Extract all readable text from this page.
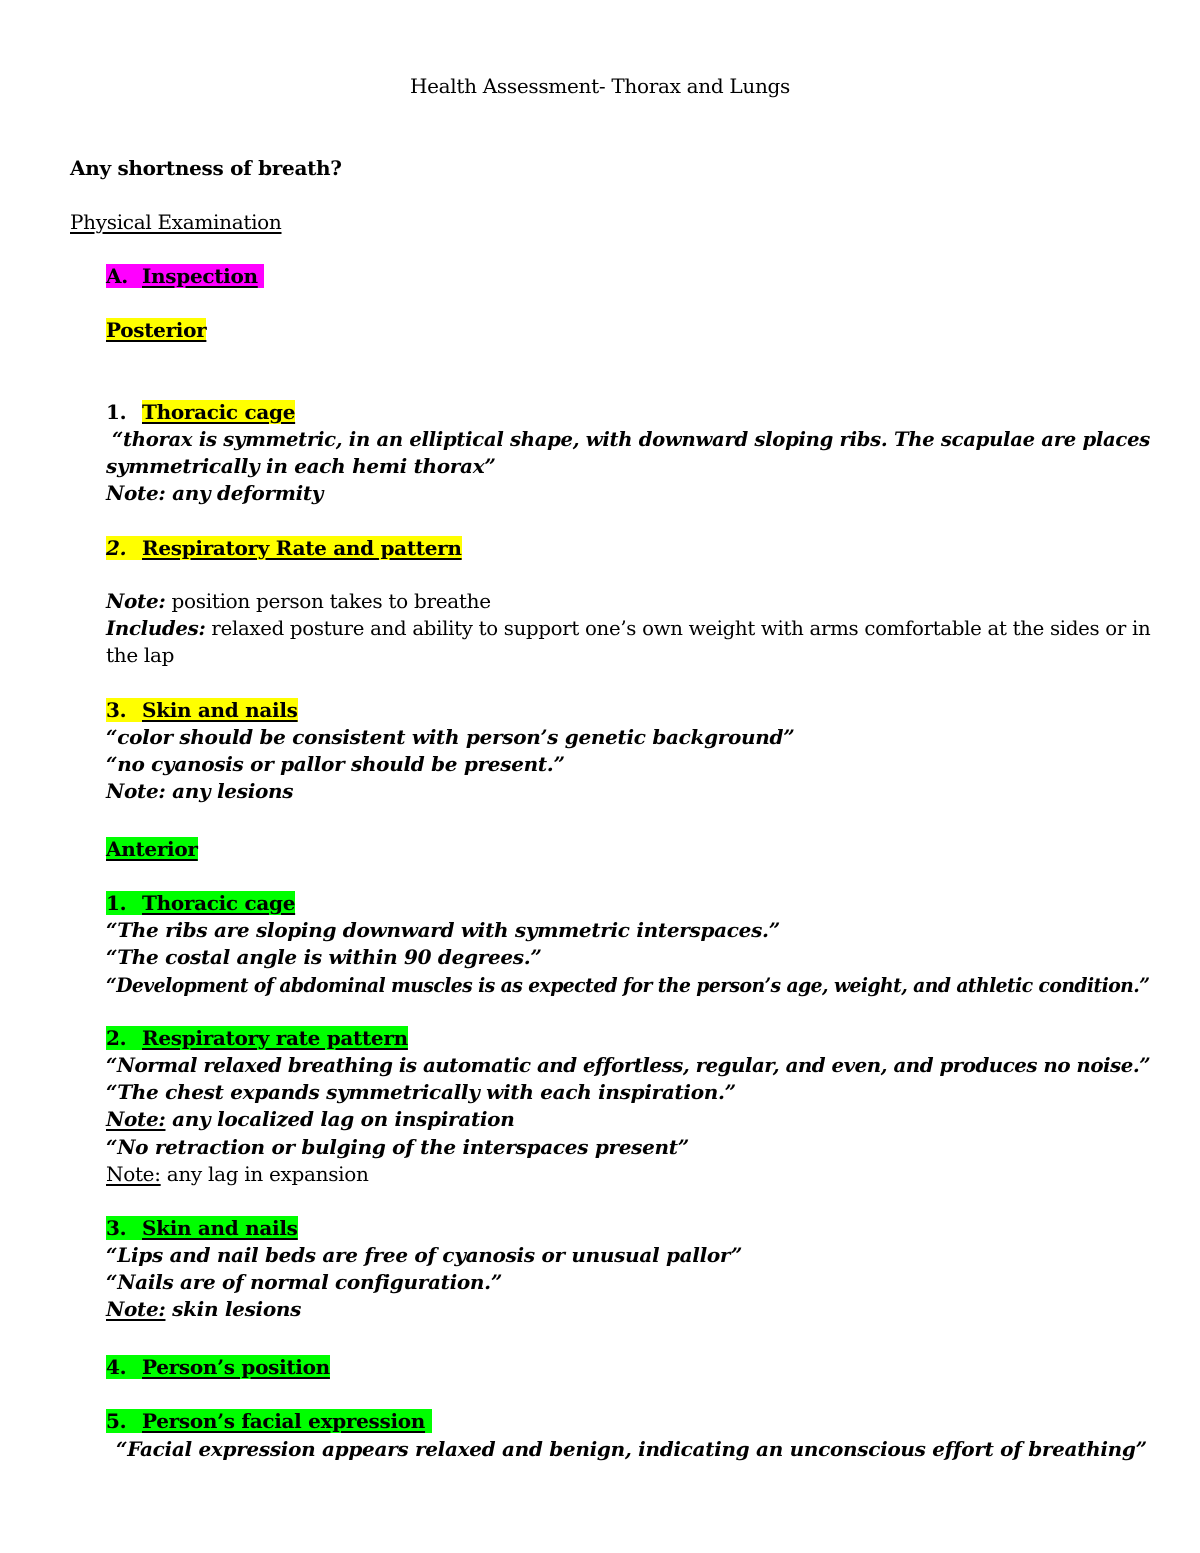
Health Assessment- Thorax and Lungs
Any shortness of breath?
Physical Examination
A. Inspection
Posterior
1. Thoracic cage
“thorax is symmetric, in an elliptical shape, with downward sloping ribs. The scapulae are places
symmetrically in each hemi thorax”
Note: any deformity
2. Respiratory Rate and pattern
Note: position person takes to breathe
Includes: relaxed posture and ability to support one’s own weight with arms comfortable at the sides or in
the lap
3. Skin and nails
“color should be consistent with person’s genetic background”
“no cyanosis or pallor should be present.”
Note: any lesions
Anterior
1. Thoracic cage
“The ribs are sloping downward with symmetric interspaces.”
“The costal angle is within 90 degrees.”
“Development of abdominal muscles is as expected for the person’s age, weight, and athletic condition.”
2. Respiratory rate pattern
“Normal relaxed breathing is automatic and effortless, regular, and even, and produces no noise.”
“The chest expands symmetrically with each inspiration.”
Note: any localized lag on inspiration
“No retraction or bulging of the interspaces present”
Note: any lag in expansion
3. Skin and nails
“Lips and nail beds are free of cyanosis or unusual pallor”
“Nails are of normal configuration.”
Note: skin lesions
4. Person’s position
5. Person’s facial expression
“Facial expression appears relaxed and benign, indicating an unconscious effort of breathing”
